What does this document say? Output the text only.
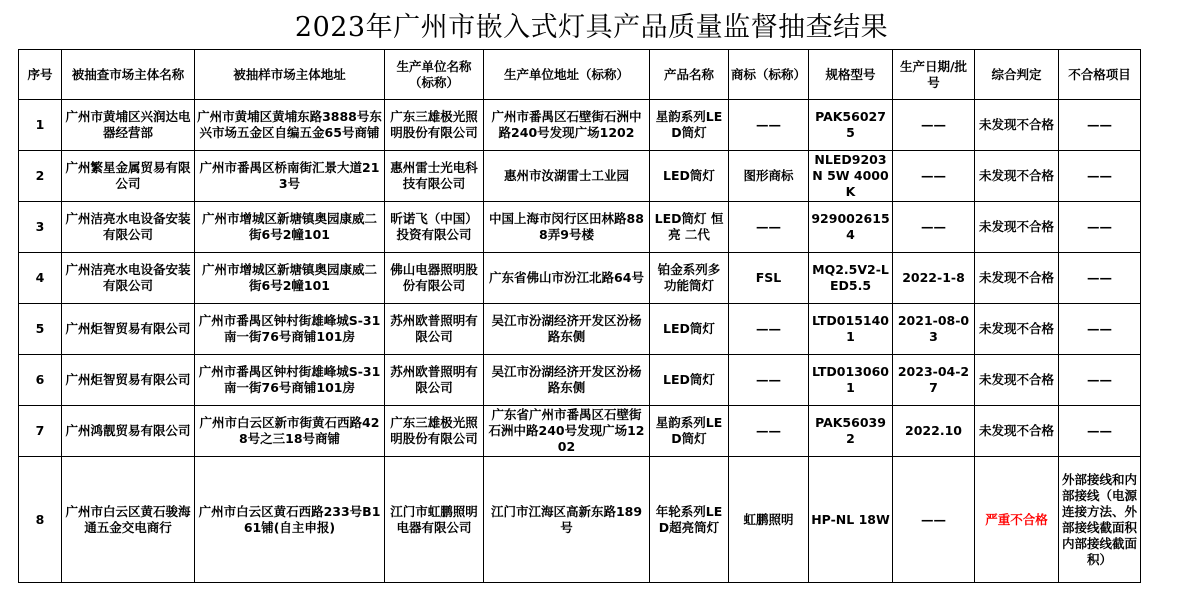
2023年广州市嵌入式灯具产品质量监督抽查结果
序号	被抽查市场主体名称	被抽样市场主体地址	生产单位名称（标称）	生产单位地址（标称）	产品名称	商标（标称）	规格型号	生产日期/批号	综合判定	不合格项目
1	广州市黄埔区兴润达电器经营部	广州市黄埔区黄埔东路3888号东兴市场五金区自编五金65号商铺	广东三雄极光照明股份有限公司	广州市番禺区石壁街石洲中路240号发现广场1202	星韵系列LED筒灯	——	PAK560275	——	未发现不合格	——
2	广州繁星金属贸易有限公司	广州市番禺区桥南街汇景大道213号	惠州雷士光电科技有限公司	惠州市汝湖雷士工业园	LED筒灯	图形商标	NLED9203N 5W 4000K	——	未发现不合格	——
3	广州洁亮水电设备安装有限公司	广州市增城区新塘镇奥园康威二街6号2幢101	昕诺飞（中国）投资有限公司	中国上海市闵行区田林路888弄9号楼	LED筒灯 恒亮 二代	——	9290026154	——	未发现不合格	——
4	广州洁亮水电设备安装有限公司	广州市增城区新塘镇奥园康威二街6号2幢101	佛山电器照明股份有限公司	广东省佛山市汾江北路64号	铂金系列多功能筒灯	FSL	MQ2.5V2-LED5.5	2022-1-8	未发现不合格	——
5	广州炬智贸易有限公司	广州市番禺区钟村街雄峰城S-31南一街76号商铺101房	苏州欧普照明有限公司	吴江市汾湖经济开发区汾杨路东侧	LED筒灯	——	LTD0151401	2021-08-03	未发现不合格	——
6	广州炬智贸易有限公司	广州市番禺区钟村街雄峰城S-31南一街76号商铺101房	苏州欧普照明有限公司	吴江市汾湖经济开发区汾杨路东侧	LED筒灯	——	LTD0130601	2023-04-27	未发现不合格	——
7	广州鸿靓贸易有限公司	广州市白云区新市街黄石西路428号之三18号商铺	广东三雄极光照明股份有限公司	广东省广州市番禺区石壁街石洲中路240号发现广场1202	星韵系列LED筒灯	——	PAK560392	2022.10	未发现不合格	——
8	广州市白云区黄石骏海通五金交电商行	广州市白云区黄石西路233号B161铺(自主申报)	江门市虹鹏照明电器有限公司	江门市江海区高新东路189号	年轮系列LED超亮筒灯	虹鹏照明	HP-NL 18W	——	严重不合格	外部接线和内部接线（电源连接方法、外部接线截面积内部接线截面积）
